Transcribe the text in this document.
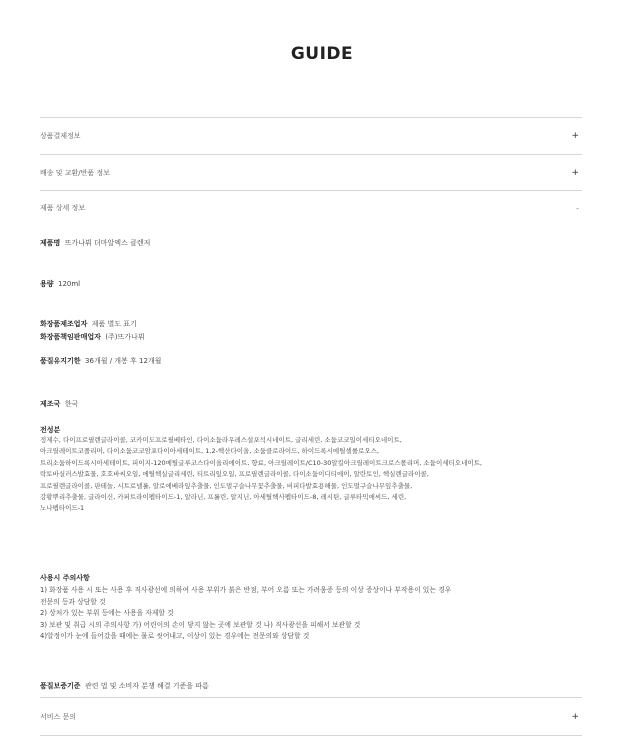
GUIDE
상품결제정보	+
배송 및 교환/반품 정보	+
제품 상세 정보	-
제품명 뜨가나뷔 더마알엑스 클렌저
용량 120ml
화장품제조업자 제품 별도 표기
화장품책임판매업자 (주)뜨가나뷔
품질유지기한 36개월 / 개봉 후 12개월
제조국 한국
전성분
정제수, 다이프로필렌글라이콜, 코카미도프로필베타인, 다이소듐라우레스설포석시네이트, 글리세린, 소듐코코일이세티오네이트,
아크릴레이트코폴리머, 다이소듐코코암포다이아세테이트, 1,2-헥산다이올, 소듐클로라이드, 하이드록시에틸셀룰로오스,
트리소듐하이드록시아세테이트, 피이지-120메틸글루코스다이올리에이트, 향료, 아크릴레이트/C10-30알킬아크릴레이트크로스폴리머, 소듐이세티오네이트,
락토바실러스발효물, 호호바씨오일, 에틸헥실글리세린, 티트리잎오일, 프로필렌글라이콜, 다이소듐이디티에이, 알란토인, 헥실렌글라이콜,
프로필렌글라이콜, 판테놀, 시트로넬롤, 알로에베라잎추출물, 인도멀구슬나무꽃추출물, 비피다발효용해물, 인도멀구슬나무잎추출물,
강황뿌리추출물, 글라이신, 카퍼트라이펩타이드-1, 알라닌, 프롤린, 알지닌, 아세틸헥사펩타이드-8, 레시틴, 글루타믹애씨드, 세린,
노나펩타이드-1
사용시 주의사항
1) 화장품 사용 시 또는 사용 후 직사광선에 의하여 사용 부위가 붉은 반점, 부어 오름 또는 가려움증 등의 이상 증상이나 부작용이 있는 경우
전문의 등과 상담할 것
2) 상처가 있는 부위 등에는 사용을 자제할 것
3) 보관 및 취급 시의 주의사항 가) 어린이의 손이 닿지 않는 곳에 보관할 것 나) 직사광선을 피해서 보관할 것
4)알정이가 눈에 들어갔을 때에는 물로 씻어내고, 이상이 있는 경우에는 전문의와 상담할 것
품질보증기준 관련 법 및 소비자 분쟁 해결 기준을 따름
서비스 문의	+
